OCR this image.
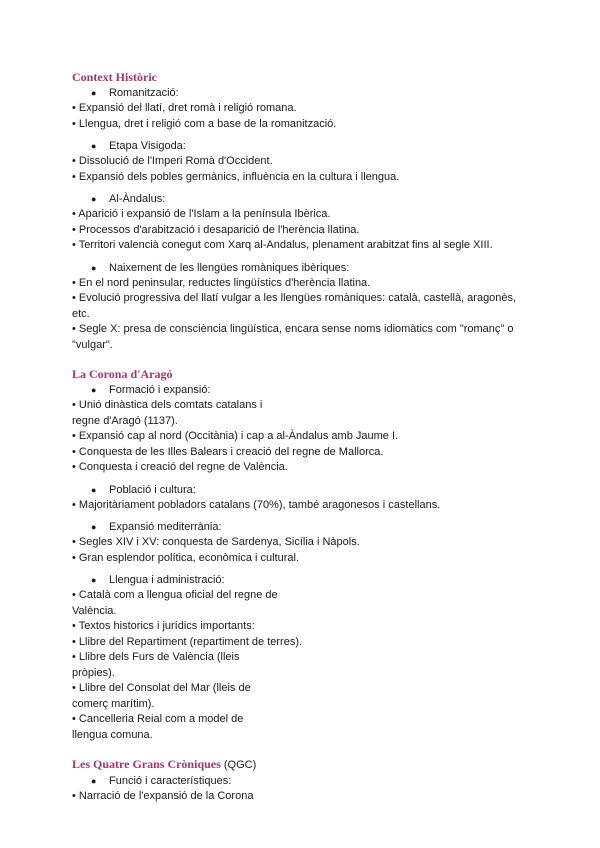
Context Històric
● Romanització:
• Expansió del llatí, dret romà i religió romana.
• Llengua, dret i religió com a base de la romanització.
● Etapa Visigoda:
• Dissolució de l'Imperi Romà d'Occident.
• Expansió dels pobles germànics, influència en la cultura i llengua.
● Al-Àndalus:
• Aparició i expansió de l'Islam a la península Ibèrica.
• Processos d'arabització i desaparició de l'herència llatina.
• Territori valencià conegut com Xarq al-Andalus, plenament arabitzat fins al segle XIII.
● Naixement de les llengües romàniques ibèriques:
• En el nord peninsular, reductes lingüístics d'herència llatina.
• Evolució progressiva del llatí vulgar a les llengües romàniques: català, castellà, aragonès,
etc.
• Segle X: presa de consciència lingüística, encara sense noms idiomàtics com "romanç" o
"vulgar".
La Corona d'Aragó
● Formació i expansió:
• Unió dinàstica dels comtats catalans i
regne d'Aragó (1137).
• Expansió cap al nord (Occitània) i cap a al-Àndalus amb Jaume I.
• Conquesta de les Illes Balears i creació del regne de Mallorca.
• Conquesta i creació del regne de València.
● Població i cultura:
• Majoritàriament pobladors catalans (70%), també aragonesos i castellans.
● Expansió mediterrània:
• Segles XIV i XV: conquesta de Sardenya, Sicília i Nàpols.
• Gran esplendor política, econòmica i cultural.
● Llengua i administració:
• Català com a llengua oficial del regne de
València.
• Textos historics i jurídics importants:
• Llibre del Repartiment (repartiment de terres).
• Llibre dels Furs de València (lleis
pròpies).
• Llibre del Consolat del Mar (lleis de
comerç marítim).
• Cancelleria Reial com a model de
llengua comuna.
Les Quatre Grans Cròniques (QGC)
● Funció i característiques:
• Narració de l'expansió de la Corona
